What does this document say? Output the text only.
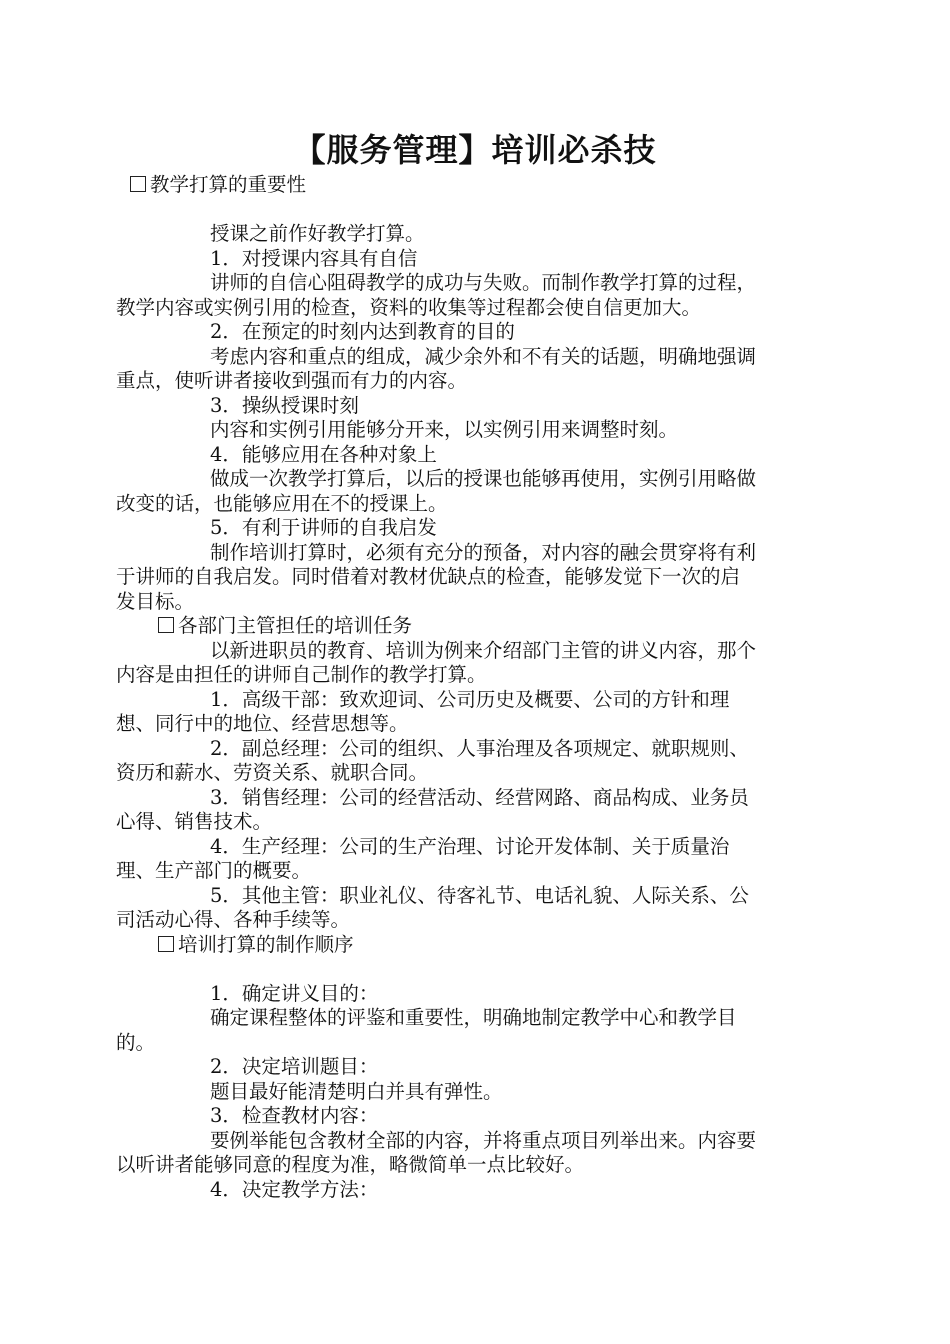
【服务管理】培训必杀技
教学打算的重要性
授课之前作好教学打算。
1．对授课内容具有自信
讲师的自信心阻碍教学的成功与失败。而制作教学打算的过程，
教学内容或实例引用的检查，资料的收集等过程都会使自信更加大。
2．在预定的时刻内达到教育的目的
考虑内容和重点的组成，减少余外和不有关的话题，明确地强调
重点，使听讲者接收到强而有力的内容。
3．操纵授课时刻
内容和实例引用能够分开来，以实例引用来调整时刻。
4．能够应用在各种对象上
做成一次教学打算后，以后的授课也能够再使用，实例引用略做
改变的话，也能够应用在不的授课上。
5．有利于讲师的自我启发
制作培训打算时，必须有充分的预备，对内容的融会贯穿将有利
于讲师的自我启发。同时借着对教材优缺点的检查，能够发觉下一次的启
发目标。
各部门主管担任的培训任务
以新进职员的教育、培训为例来介绍部门主管的讲义内容，那个
内容是由担任的讲师自己制作的教学打算。
1．高级干部：致欢迎词、公司历史及概要、公司的方针和理
想、同行中的地位、经营思想等。
2．副总经理：公司的组织、人事治理及各项规定、就职规则、
资历和薪水、劳资关系、就职合同。
3．销售经理：公司的经营活动、经营网路、商品构成、业务员
心得、销售技术。
4．生产经理：公司的生产治理、讨论开发体制、关于质量治
理、生产部门的概要。
5．其他主管：职业礼仪、待客礼节、电话礼貌、人际关系、公
司活动心得、各种手续等。
培训打算的制作顺序
1．确定讲义目的：
确定课程整体的评鉴和重要性，明确地制定教学中心和教学目
的。
2．决定培训题目：
题目最好能清楚明白并具有弹性。
3．检查教材内容：
要例举能包含教材全部的内容，并将重点项目列举出来。内容要
以听讲者能够同意的程度为准，略微简单一点比较好。
4．决定教学方法：
